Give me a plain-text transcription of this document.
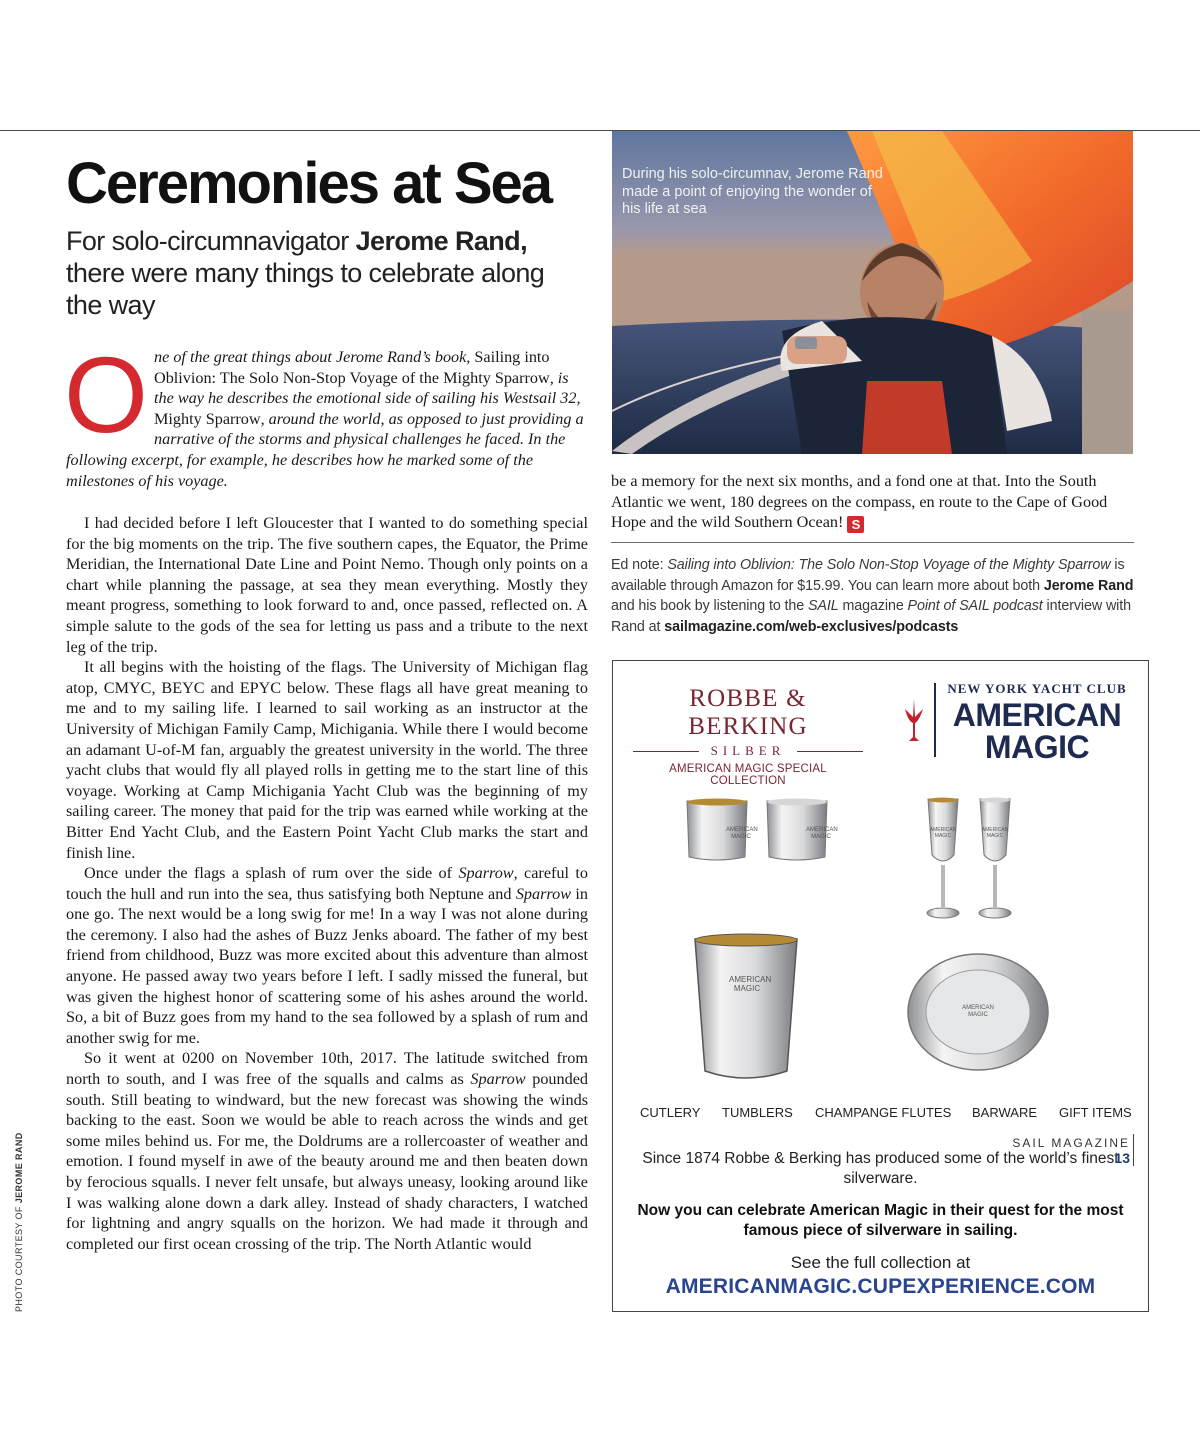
Ceremonies at Sea
For solo-circumnavigator Jerome Rand, there were many things to celebrate along the way
One of the great things about Jerome Rand’s book, Sailing into Oblivion: The Solo Non-Stop Voyage of the Mighty Sparrow, is the way he describes the emotional side of sailing his Westsail 32, Mighty Sparrow, around the world, as opposed to just providing a narrative of the storms and physical challenges he faced. In the following excerpt, for example, he describes how he marked some of the milestones of his voyage.

I had decided before I left Gloucester that I wanted to do something special for the big moments on the trip. The five southern capes, the Equator, the Prime Meridian, the International Date Line and Point Nemo. Though only points on a chart while planning the passage, at sea they mean everything. Mostly they meant progress, something to look forward to and, once passed, reflected on. A simple salute to the gods of the sea for letting us pass and a tribute to the next leg of the trip.

It all begins with the hoisting of the flags. The University of Michigan flag atop, CMYC, BEYC and EPYC below. These flags all have great meaning to me and to my sailing life. I learned to sail working as an instructor at the University of Michigan Family Camp, Michigania. While there I would become an adamant U-of-M fan, arguably the greatest university in the world. The three yacht clubs that would fly all played rolls in getting me to the start line of this voyage. Working at Camp Michigania Yacht Club was the beginning of my sailing career. The money that paid for the trip was earned while working at the Bitter End Yacht Club, and the Eastern Point Yacht Club marks the start and finish line.

Once under the flags a splash of rum over the side of Sparrow, careful to touch the hull and run into the sea, thus satisfying both Neptune and Sparrow in one go. The next would be a long swig for me! In a way I was not alone during the ceremony. I also had the ashes of Buzz Jenks aboard. The father of my best friend from childhood, Buzz was more excited about this adventure than almost anyone. He passed away two years before I left. I sadly missed the funeral, but was given the highest honor of scattering some of his ashes around the world. So, a bit of Buzz goes from my hand to the sea followed by a splash of rum and another swig for me.

So it went at 0200 on November 10th, 2017. The latitude switched from north to south, and I was free of the squalls and calms as Sparrow pounded south. Still beating to windward, but the new forecast was showing the winds backing to the east. Soon we would be able to reach across the winds and get some miles behind us. For me, the Doldrums are a rollercoaster of weather and emotion. I found myself in awe of the beauty around me and then beaten down by ferocious squalls. I never felt unsafe, but always uneasy, looking around like I was walking alone down a dark alley. Instead of shady characters, I watched for lightning and angry squalls on the horizon. We had made it through and completed our first ocean crossing of the trip. The North Atlantic would

During his solo-circumnav, Jerome Rand made a point of enjoying the wonder of his life at sea
be a memory for the next six months, and a fond one at that. Into the South Atlantic we went, 180 degrees on the compass, en route to the Cape of Good Hope and the wild Southern Ocean! S
Ed note: Sailing into Oblivion: The Solo Non-Stop Voyage of the Mighty Sparrow is available through Amazon for $15.99. You can learn more about both Jerome Rand and his book by listening to the SAIL magazine Point of SAIL podcast interview with Rand at sailmagazine.com/web-exclusives/podcasts
ROBBE & BERKING
SILBER
AMERICAN MAGIC SPECIAL COLLECTION
NEW YORK YACHT CLUB
AMERICAN
MAGIC
AMERICAN MAGIC
AMERICAN MAGIC
AMERICAN MAGIC
AMERICAN MAGIC
AMERICAN MAGIC
AMERICAN MAGIC
CUTLERY TUMBLERS CHAMPANGE FLUTES BARWARE GIFT ITEMS
Since 1874 Robbe & Berking has produced some of the world’s finest silverware.
Now you can celebrate American Magic in their quest for the most famous piece of silverware in sailing.
See the full collection at
AMERICANMAGIC.CUPEXPERIENCE.COM
PHOTO COURTESY OF JEROME RAND	SAIL MAGAZINE
13
